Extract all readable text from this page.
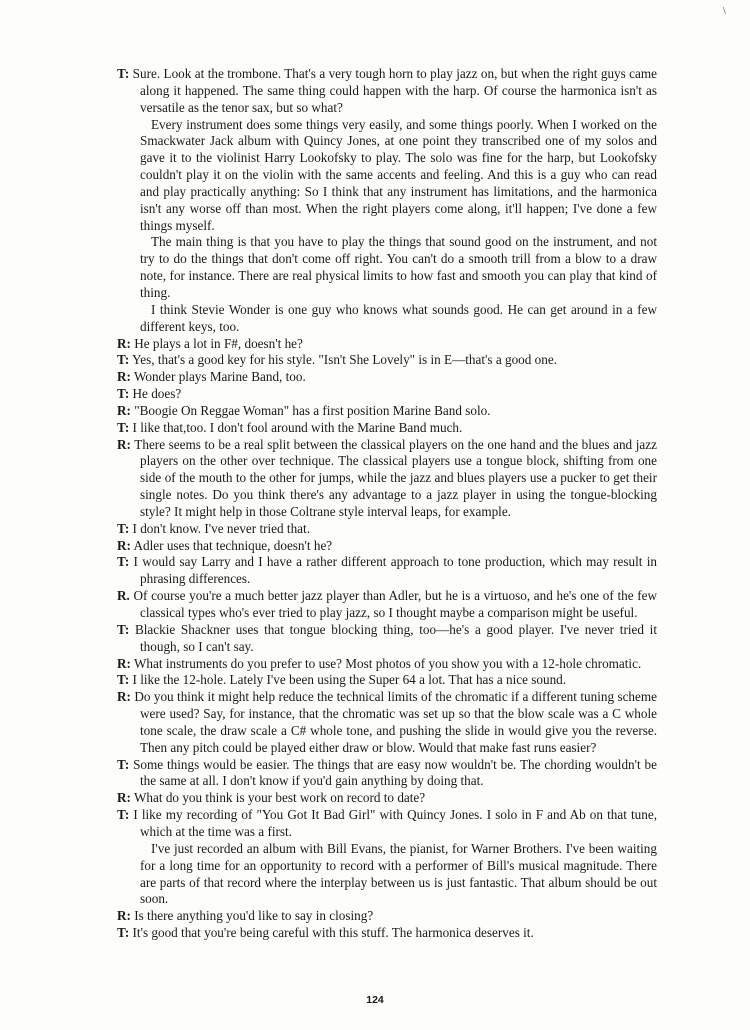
\

T: Sure. Look at the trombone. That's a very tough horn to play jazz on, but when the right guys came along it happened. The same thing could happen with the harp. Of course the harmonica isn't as versatile as the tenor sax, but so what?

Every instrument does some things very easily, and some things poorly. When I worked on the Smackwater Jack album with Quincy Jones, at one point they transcribed one of my solos and gave it to the violinist Harry Lookofsky to play. The solo was fine for the harp, but Lookofsky couldn't play it on the violin with the same accents and feeling. And this is a guy who can read and play practically anything: So I think that any instrument has limitations, and the harmonica isn't any worse off than most. When the right players come along, it'll happen; I've done a few things myself.

The main thing is that you have to play the things that sound good on the instrument, and not try to do the things that don't come off right. You can't do a smooth trill from a blow to a draw note, for instance. There are real physical limits to how fast and smooth you can play that kind of thing.

I think Stevie Wonder is one guy who knows what sounds good. He can get around in a few different keys, too.

R: He plays a lot in F#, doesn't he?

T: Yes, that's a good key for his style. "Isn't She Lovely" is in E—that's a good one.

R: Wonder plays Marine Band, too.

T: He does?

R: "Boogie On Reggae Woman" has a first position Marine Band solo.

T: I like that,too. I don't fool around with the Marine Band much.

R: There seems to be a real split between the classical players on the one hand and the blues and jazz players on the other over technique. The classical players use a tongue block, shifting from one side of the mouth to the other for jumps, while the jazz and blues players use a pucker to get their single notes. Do you think there's any advantage to a jazz player in using the tongue-blocking style? It might help in those Coltrane style interval leaps, for example.

T: I don't know. I've never tried that.

R: Adler uses that technique, doesn't he?

T: I would say Larry and I have a rather different approach to tone production, which may result in phrasing differences.

R. Of course you're a much better jazz player than Adler, but he is a virtuoso, and he's one of the few classical types who's ever tried to play jazz, so I thought maybe a comparison might be useful.

T: Blackie Shackner uses that tongue blocking thing, too—he's a good player. I've never tried it though, so I can't say.

R: What instruments do you prefer to use? Most photos of you show you with a 12-hole chromatic.

T: I like the 12-hole. Lately I've been using the Super 64 a lot. That has a nice sound.

R: Do you think it might help reduce the technical limits of the chromatic if a different tuning scheme were used? Say, for instance, that the chromatic was set up so that the blow scale was a C whole tone scale, the draw scale a C# whole tone, and pushing the slide in would give you the reverse. Then any pitch could be played either draw or blow. Would that make fast runs easier?

T: Some things would be easier. The things that are easy now wouldn't be. The chording wouldn't be the same at all. I don't know if you'd gain anything by doing that.

R: What do you think is your best work on record to date?

T: I like my recording of "You Got It Bad Girl" with Quincy Jones. I solo in F and Ab on that tune, which at the time was a first.

I've just recorded an album with Bill Evans, the pianist, for Warner Brothers. I've been waiting for a long time for an opportunity to record with a performer of Bill's musical magnitude. There are parts of that record where the interplay between us is just fantastic. That album should be out soon.

R: Is there anything you'd like to say in closing?

T: It's good that you're being careful with this stuff. The harmonica deserves it.

124
